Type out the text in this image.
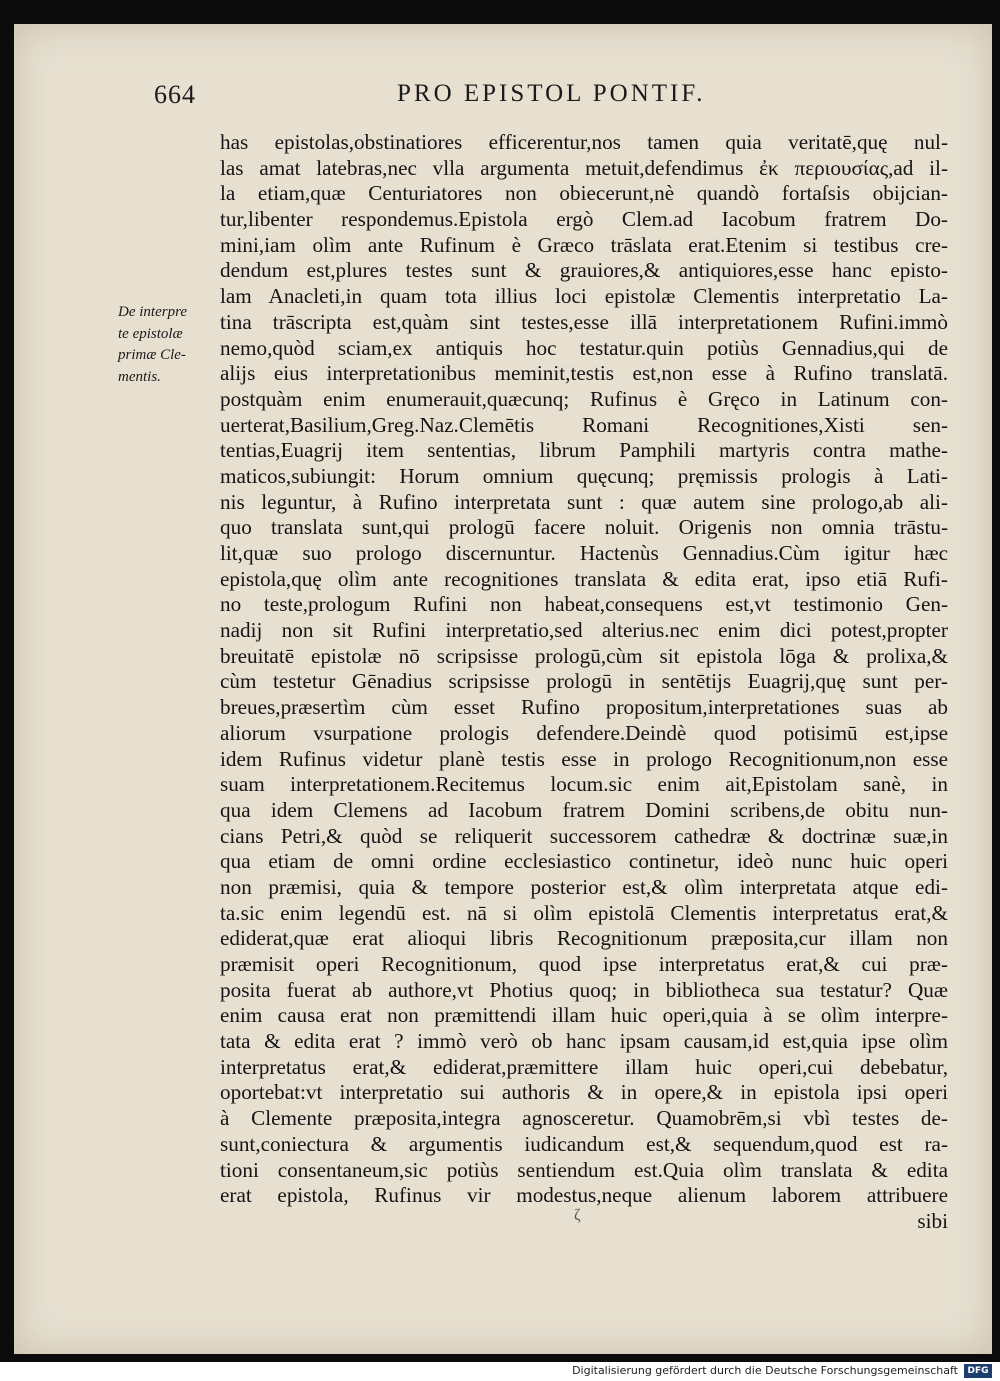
664	PRO EPISTOL PONTIF.
De interpre
te epistolæ
primæ Cle-
mentis.
has epistolas,obstinatiores efficerentur,nos tamen quia veritatē,quę nul-
las amat latebras,nec vlla argumenta metuit,defendimus ἐκ περιουσίας,ad il-
la etiam,quæ Centuriatores non obiecerunt,nè quandò fortaſsis obijcian-
tur,libenter respondemus.Epistola ergò Clem.ad Iacobum fratrem Do-
mini,iam olìm ante Rufinum è Græco trāslata erat.Etenim si testibus cre-
dendum est,plures testes sunt & grauiores,& antiquiores,esse hanc episto-
lam Anacleti,in quam tota illius loci epistolæ Clementis interpretatio La-
tina trāscripta est,quàm sint testes,esse illā interpretationem Rufini.immò
nemo,quòd sciam,ex antiquis hoc testatur.quin potiùs Gennadius,qui de
alijs eius interpretationibus meminit,testis est,non esse à Rufino translatā.
postquàm enim enumerauit,quæcunq; Rufinus è Gręco in Latinum con-
uerterat,Basilium,Greg.Naz.Clemētis Romani Recognitiones,Xisti sen-
tentias,Euagrij item sententias, librum Pamphili martyris contra mathe-
maticos,subiungit: Horum omnium quęcunq; pręmissis prologis à Lati-
nis leguntur, à Rufino interpretata sunt : quæ autem sine prologo,ab ali-
quo translata sunt,qui prologū facere noluit. Origenis non omnia trāstu-
lit,quæ suo prologo discernuntur. Hactenùs Gennadius.Cùm igitur hæc
epistola,quę olìm ante recognitiones translata & edita erat, ipso etiā Rufi-
no teste,prologum Rufini non habeat,consequens est,vt testimonio Gen-
nadij non sit Rufini interpretatio,sed alterius.nec enim dici potest,propter
breuitatē epistolæ nō scripsisse prologū,cùm sit epistola lōga & prolixa,&
cùm testetur Gēnadius scripsisse prologū in sentētijs Euagrij,quę sunt per-
breues,præsertìm cùm esset Rufino propositum,interpretationes suas ab
aliorum vsurpatione prologis defendere.Deindè quod potisimū est,ipse
idem Rufinus videtur planè testis esse in prologo Recognitionum,non esse
suam interpretationem.Recitemus locum.sic enim ait,Epistolam sanè, in
qua idem Clemens ad Iacobum fratrem Domini scribens,de obitu nun-
cians Petri,& quòd se reliquerit successorem cathedræ & doctrinæ suæ,in
qua etiam de omni ordine ecclesiastico continetur, ideò nunc huic operi
non præmisi, quia & tempore posterior est,& olìm interpretata atque edi-
ta.sic enim legendū est. nā si olìm epistolā Clementis interpretatus erat,&
ediderat,quæ erat alioqui libris Recognitionum præposita,cur illam non
præmisit operi Recognitionum, quod ipse interpretatus erat,& cui præ-
posita fuerat ab authore,vt Photius quoq; in bibliotheca sua testatur? Quæ
enim causa erat non præmittendi illam huic operi,quia à se olìm interpre-
tata & edita erat ? immò verò ob hanc ipsam causam,id est,quia ipse olìm
interpretatus erat,& ediderat,præmittere illam huic operi,cui debebatur,
oportebat:vt interpretatio sui authoris & in opere,& in epistola ipsi operi
à Clemente præposita,integra agnosceretur. Quamobrēm,si vbì testes de-
sunt,coniectura & argumentis iudicandum est,& sequendum,quod est ra-
tioni consentaneum,sic potiùs sentiendum est.Quia olìm translata & edita
erat epistola, Rufinus vir modestus,neque alienum laborem attribuere
sibi
ζ
Digitalisierung gefördert durch die Deutsche Forschungsgemeinschaft	DFG
